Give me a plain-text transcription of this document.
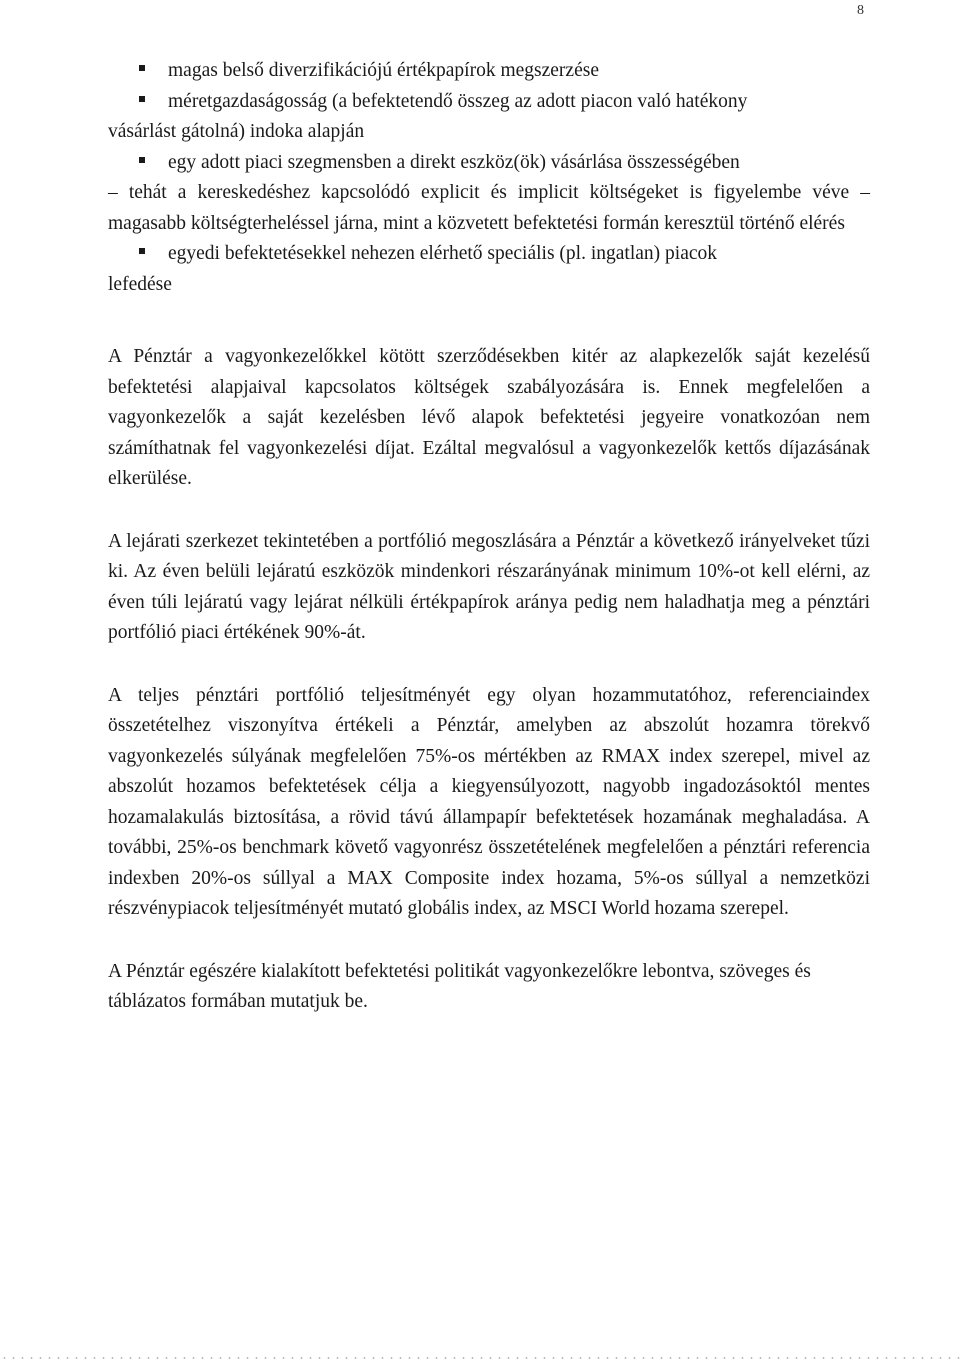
8
magas belső diverzifikációjú értékpapírok megszerzése
méretgazdaságosság (a befektetendő összeg az adott piacon való hatékony
vásárlást gátolná) indoka alapján
egy adott piaci szegmensben a direkt eszköz(ök) vásárlása összességében
– tehát a kereskedéshez kapcsolódó explicit és implicit költségeket is figyelembe véve – magasabb költségterheléssel járna, mint a közvetett befektetési formán keresztül történő elérés
egyedi befektetésekkel nehezen elérhető speciális (pl. ingatlan) piacok
lefedése

A Pénztár a vagyonkezelőkkel kötött szerződésekben kitér az alapkezelők saját kezelésű befektetési alapjaival kapcsolatos költségek szabályozására is. Ennek megfelelően a vagyonkezelők a saját kezelésben lévő alapok befektetési jegyeire vonatkozóan nem számíthatnak fel vagyonkezelési díjat. Ezáltal megvalósul a vagyonkezelők kettős díjazásának elkerülése.

A lejárati szerkezet tekintetében a portfólió megoszlására a Pénztár a következő irányelveket tűzi ki. Az éven belüli lejáratú eszközök mindenkori részarányának minimum 10%-ot kell elérni, az éven túli lejáratú vagy lejárat nélküli értékpapírok aránya pedig nem haladhatja meg a pénztári portfólió piaci értékének 90%-át.

A teljes pénztári portfólió teljesítményét egy olyan hozammutatóhoz, referenciaindex összetételhez viszonyítva értékeli a Pénztár, amelyben az abszolút hozamra törekvő vagyonkezelés súlyának megfelelően 75%-os mértékben az RMAX index szerepel, mivel az abszolút hozamos befektetések célja a kiegyensúlyozott, nagyobb ingadozásoktól mentes hozamalakulás biztosítása, a rövid távú állampapír befektetések hozamának meghaladása. A további, 25%-os benchmark követő vagyonrész összetételének megfelelően a pénztári referencia indexben 20%-os súllyal a MAX Composite index hozama, 5%-os súllyal a nemzetközi részvénypiacok teljesítményét mutató globális index, az MSCI World hozama szerepel.

A Pénztár egészére kialakított befektetési politikát vagyonkezelőkre lebontva, szöveges és táblázatos formában mutatjuk be.
